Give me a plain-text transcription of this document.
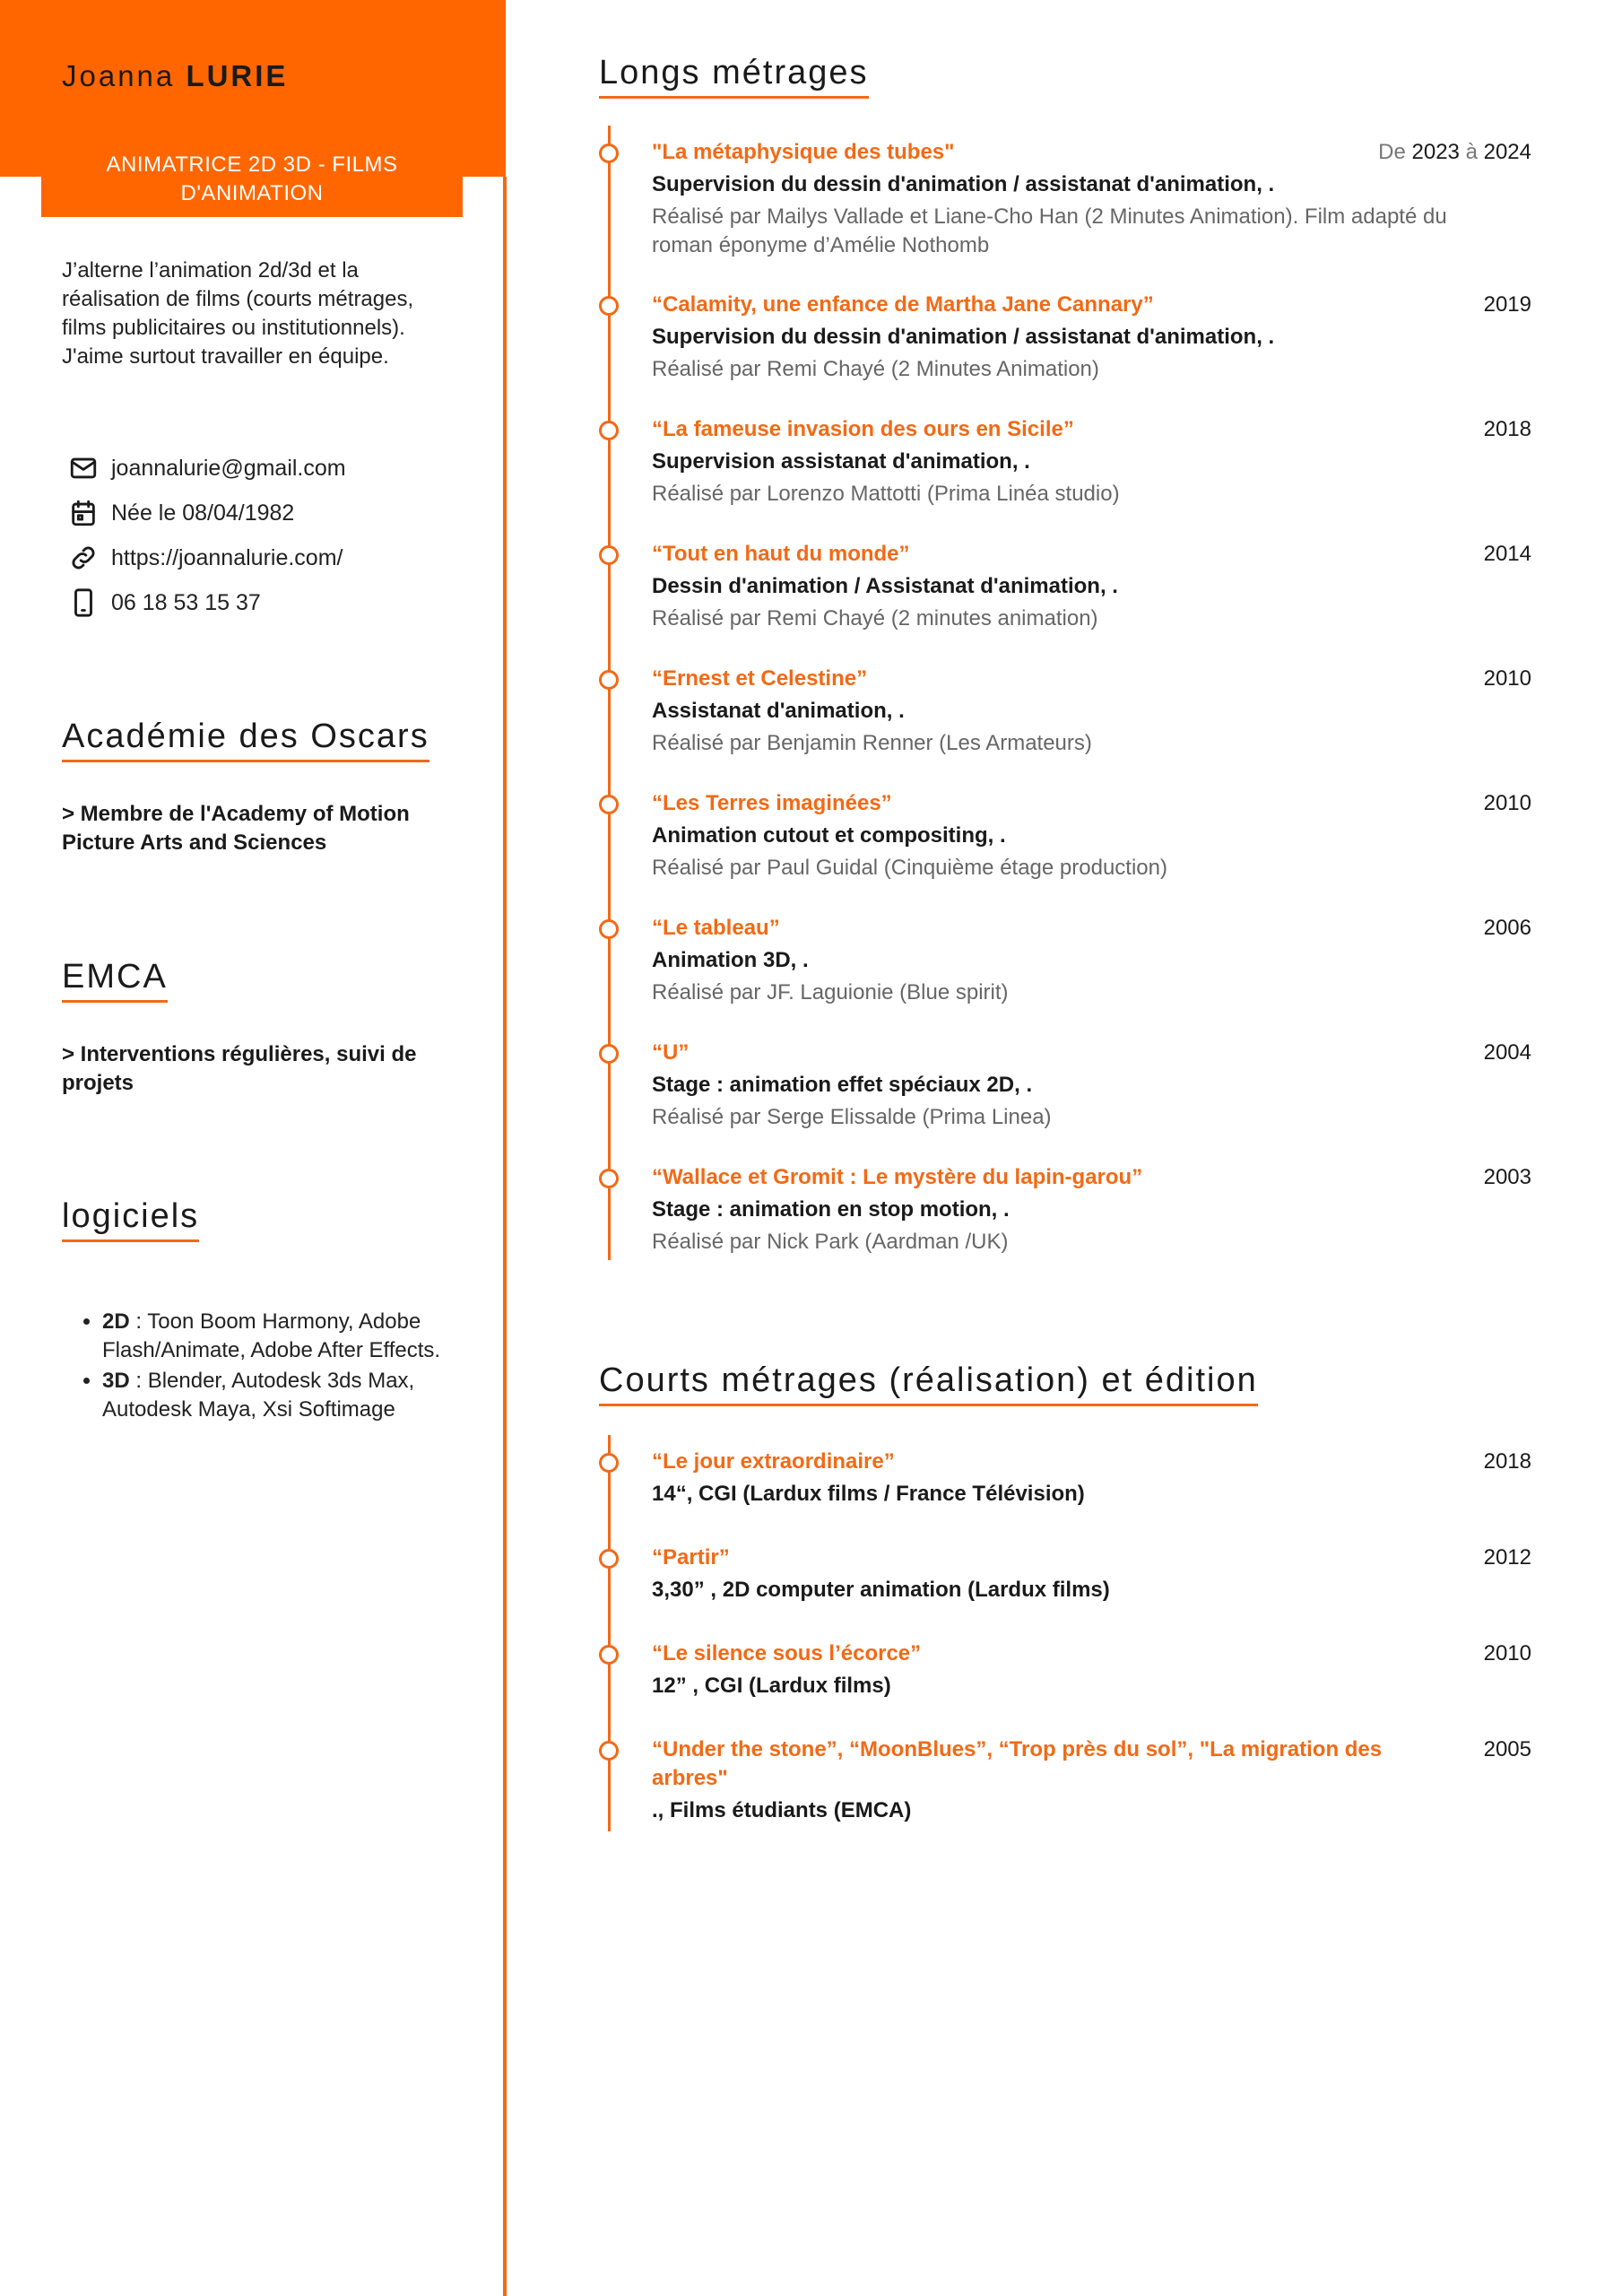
Joanna LURIE
ANIMATRICE 2D 3D - FILMS D'ANIMATION
J’alterne l’animation 2d/3d et la réalisation de films (courts métrages, films publicitaires ou institutionnels). J'aime surtout travailler en équipe.
joannalurie@gmail.com
Née le 08/04/1982
https://joannalurie.com/
06 18 53 15 37
Académie des Oscars
> Membre de l'Academy of Motion Picture Arts and Sciences
EMCA
> Interventions régulières, suivi de projets
logiciels
• 2D : Toon Boom Harmony, Adobe Flash/Animate, Adobe After Effects.
• 3D : Blender, Autodesk 3ds Max, Autodesk Maya, Xsi Softimage
Longs métrages
"La métaphysique des tubes"	De 2023 à 2024
Supervision du dessin d'animation / assistanat d'animation, .
Réalisé par Mailys Vallade et Liane-Cho Han (2 Minutes Animation). Film adapté du roman éponyme d’Amélie Nothomb
“Calamity, une enfance de Martha Jane Cannary”	2019
Supervision du dessin d'animation / assistanat d'animation, .
Réalisé par Remi Chayé (2 Minutes Animation)
“La fameuse invasion des ours en Sicile”	2018
Supervision assistanat d'animation, .
Réalisé par Lorenzo Mattotti (Prima Linéa studio)
“Tout en haut du monde”	2014
Dessin d'animation / Assistanat d'animation, .
Réalisé par Remi Chayé (2 minutes animation)
“Ernest et Celestine”	2010
Assistanat d'animation, .
Réalisé par Benjamin Renner (Les Armateurs)
“Les Terres imaginées”	2010
Animation cutout et compositing, .
Réalisé par Paul Guidal (Cinquième étage production)
“Le tableau”	2006
Animation 3D, .
Réalisé par JF. Laguionie (Blue spirit)
“U”	2004
Stage : animation effet spéciaux 2D, .
Réalisé par Serge Elissalde (Prima Linea)
“Wallace et Gromit : Le mystère du lapin-garou”	2003
Stage : animation en stop motion, .
Réalisé par Nick Park (Aardman /UK)
Courts métrages (réalisation) et édition
“Le jour extraordinaire”	2018
14“, CGI (Lardux films / France Télévision)
“Partir”	2012
3,30” , 2D computer animation (Lardux films)
“Le silence sous l’écorce”	2010
12” , CGI (Lardux films)
“Under the stone”, “MoonBlues”, “Trop près du sol”, "La migration des arbres"
2005
., Films étudiants (EMCA)
